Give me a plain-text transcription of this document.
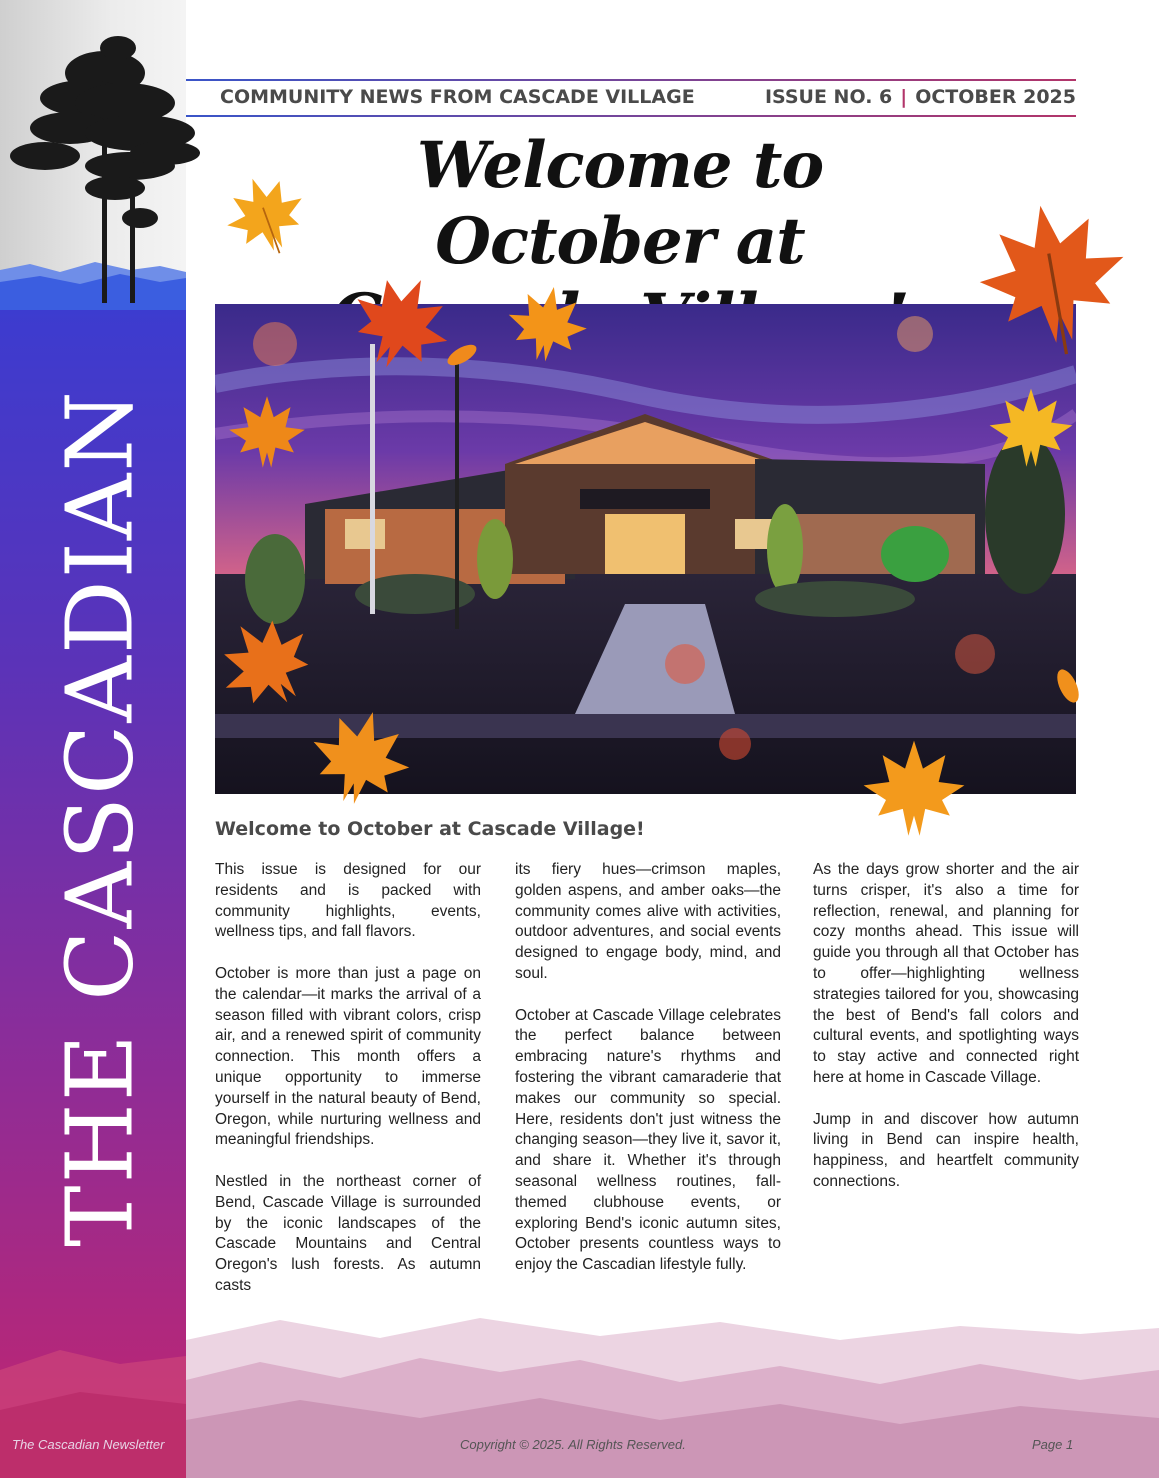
THE CASCADIAN
COMMUNITY NEWS FROM CASCADE VILLAGE	ISSUE NO. 6 | OCTOBER 2025
Welcome to October at
Welcome to October at Cascade Village!

This issue is designed for our residents and is packed with community highlights, events, wellness tips, and fall flavors.

October is more than just a page on the calendar—it marks the arrival of a season filled with vibrant colors, crisp air, and a renewed spirit of community connection. This month offers a unique opportunity to immerse yourself in the natural beauty of Bend, Oregon, while nurturing wellness and meaningful friendships.

Nestled in the northeast corner of Bend, Cascade Village is surrounded by the iconic landscapes of the Cascade Mountains and Central Oregon's lush forests. As autumn casts

its fiery hues—crimson maples, golden aspens, and amber oaks—the community comes alive with activities, outdoor adventures, and social events designed to engage body, mind, and soul.

October at Cascade Village celebrates the perfect balance between embracing nature's rhythms and fostering the vibrant camaraderie that makes our community so special. Here, residents don't just witness the changing season—they live it, savor it, and share it. Whether it's through seasonal wellness routines, fall-themed clubhouse events, or exploring Bend's iconic autumn sites, October presents countless ways to enjoy the Cascadian lifestyle fully.

As the days grow shorter and the air turns crisper, it's also a time for reflection, renewal, and planning for cozy months ahead. This issue will guide you through all that October has to offer—highlighting wellness strategies tailored for you, showcasing the best of Bend's fall colors and cultural events, and spotlighting ways to stay active and connected right here at home in Cascade Village.

Jump in and discover how autumn living in Bend can inspire health, happiness, and heartfelt community connections.

The Cascadian Newsletter	Copyright © 2025. All Rights Reserved.	Page 1
